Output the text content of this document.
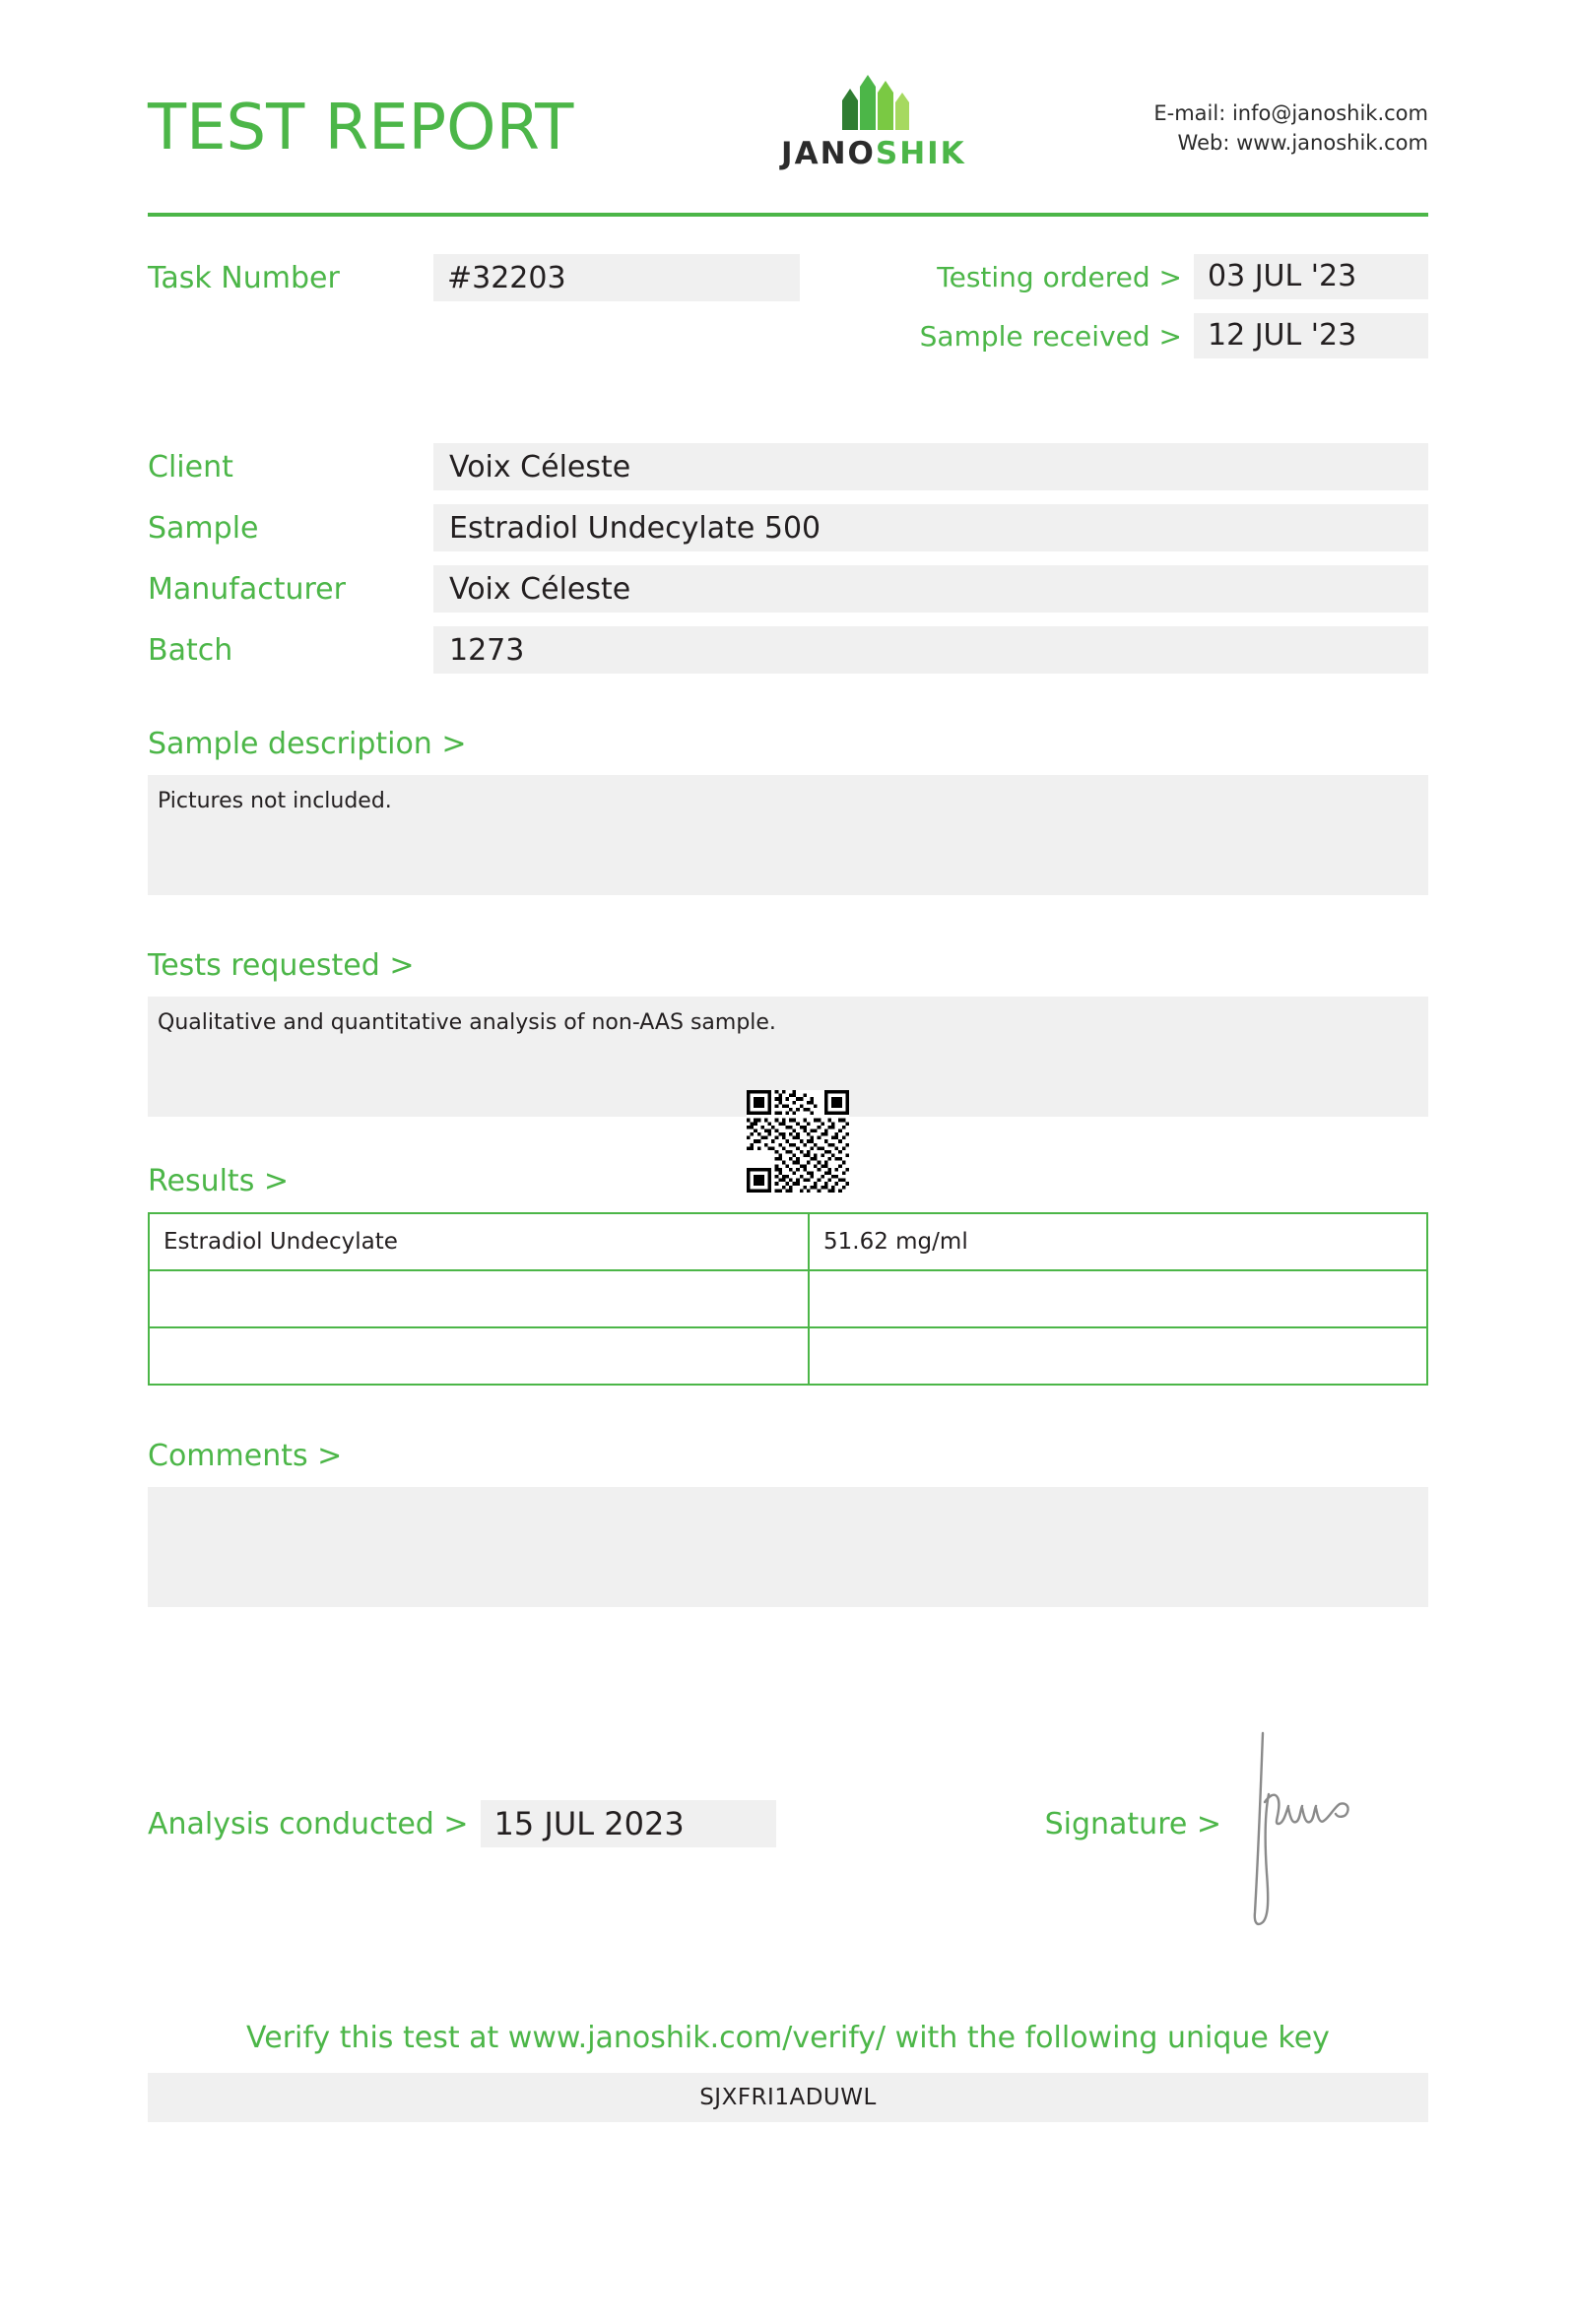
TEST REPORT	JANOSHIK
E-mail: info@janoshik.com
Web: www.janoshik.com
Task Number	#32203	Testing ordered > 03 JUL '23
Sample received > 12 JUL '23
Client	Voix Céleste
Sample	Estradiol Undecylate 500
Manufacturer	Voix Céleste
Batch	1273
Sample description >
Pictures not included.
Tests requested >
Qualitative and quantitative analysis of non-AAS sample.
Results >
Estradiol Undecylate	51.62 mg/ml

Comments >
Analysis conducted > 15 JUL 2023	Signature >
Verify this test at www.janoshik.com/verify/ with the following unique key
SJXFRI1ADUWL
